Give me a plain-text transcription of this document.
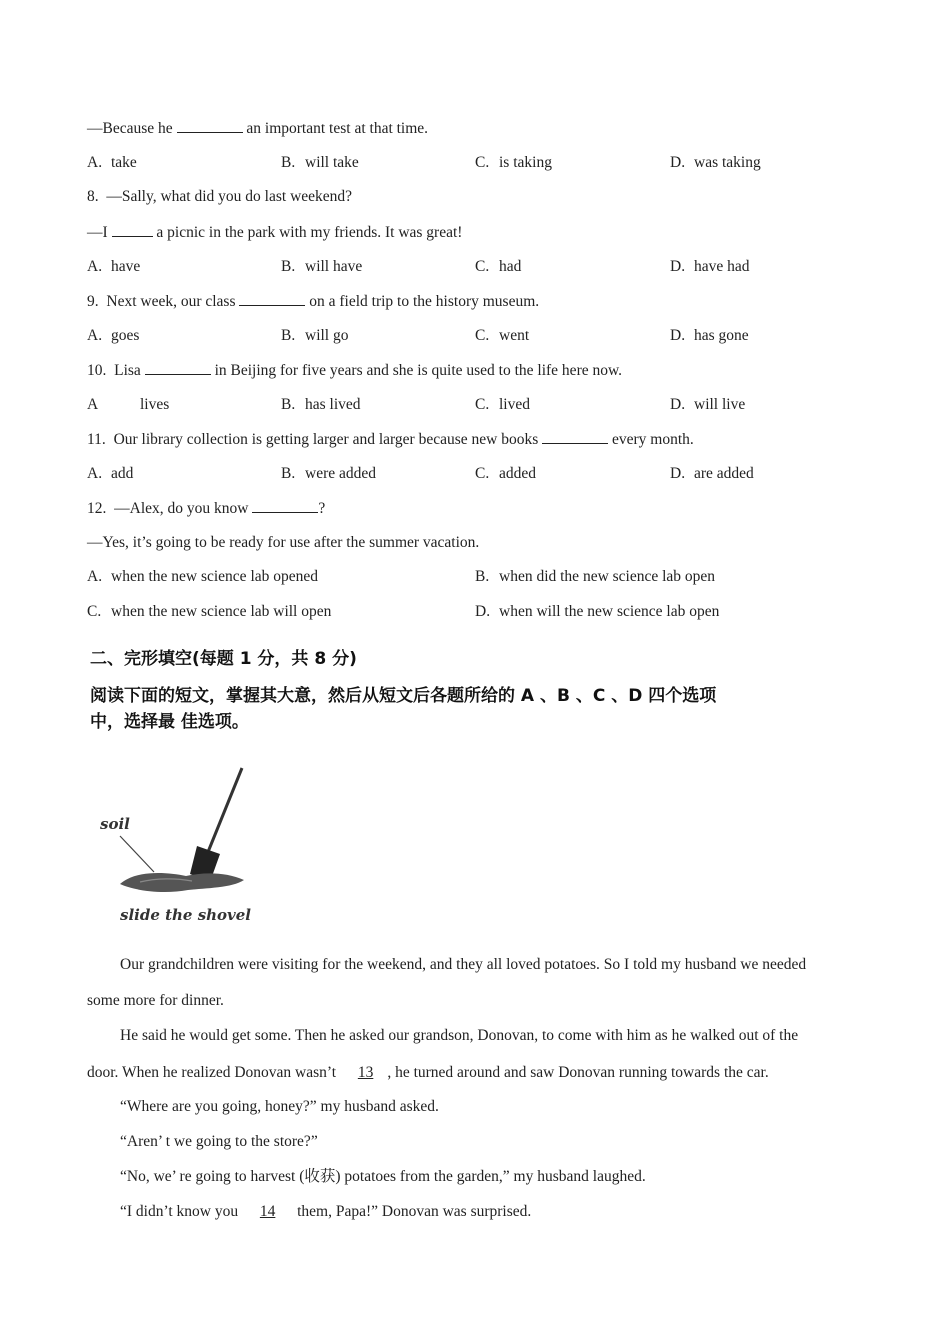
—Because he	an important test at that time.
A. take	B. will take	C. is taking	D. was taking
8. —Sally, what did you do last weekend?
—I	a picnic in the park with my friends. It was great!
A. have	B. will have	C. had	D. have had
9. Next week, our class	on a field trip to the history museum.
A. goes	B. will go	C. went	D. has gone
10. Lisa	in Beijing for five years and she is quite used to the life here now.
A	lives	B. has lived	C. lived	D. will live
11. Our library collection is getting larger and larger because new books	every month.
A. add	B. were added	C. added	D. are added
12. —Alex, do you know	?
—Yes, it’s going to be ready for use after the summer vacation.
A. when the new science lab opened	B. when did the new science lab open
C. when the new science lab will open	D. when will the new science lab open
二、完形填空(每题 1 分，共 8 分)
阅读下面的短文，掌握其大意，然后从短文后各题所给的 A 、B 、C 、D 四个选项
中，选择最 佳选项。
soil
slide the shovel
Our grandchildren were visiting for the weekend, and they all loved potatoes. So I told my husband we needed
some more for dinner.
He said he would get some. Then he asked our grandson, Donovan, to come with him as he walked out of the
door. When he realized Donovan wasn’t 13 , he turned around and saw Donovan running towards the car.
“Where are you going, honey?” my husband asked.
“Aren’ t we going to the store?”
“No, we’ re going to harvest (收获) potatoes from the garden,” my husband laughed.
“I didn’t know you 14 them, Papa!” Donovan was surprised.
